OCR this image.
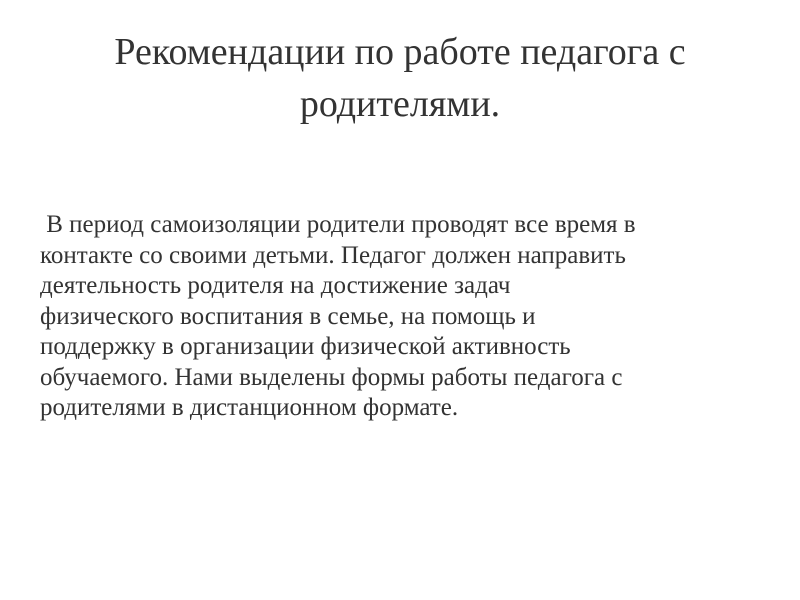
Рекомендации по работе педагога с
родителями.
В период самоизоляции родители проводят все время в
контакте со своими детьми. Педагог должен направить
деятельность родителя на достижение задач
физического воспитания в семье, на помощь и
поддержку в организации физической активность
обучаемого. Нами выделены формы работы педагога с
родителями в дистанционном формате.
